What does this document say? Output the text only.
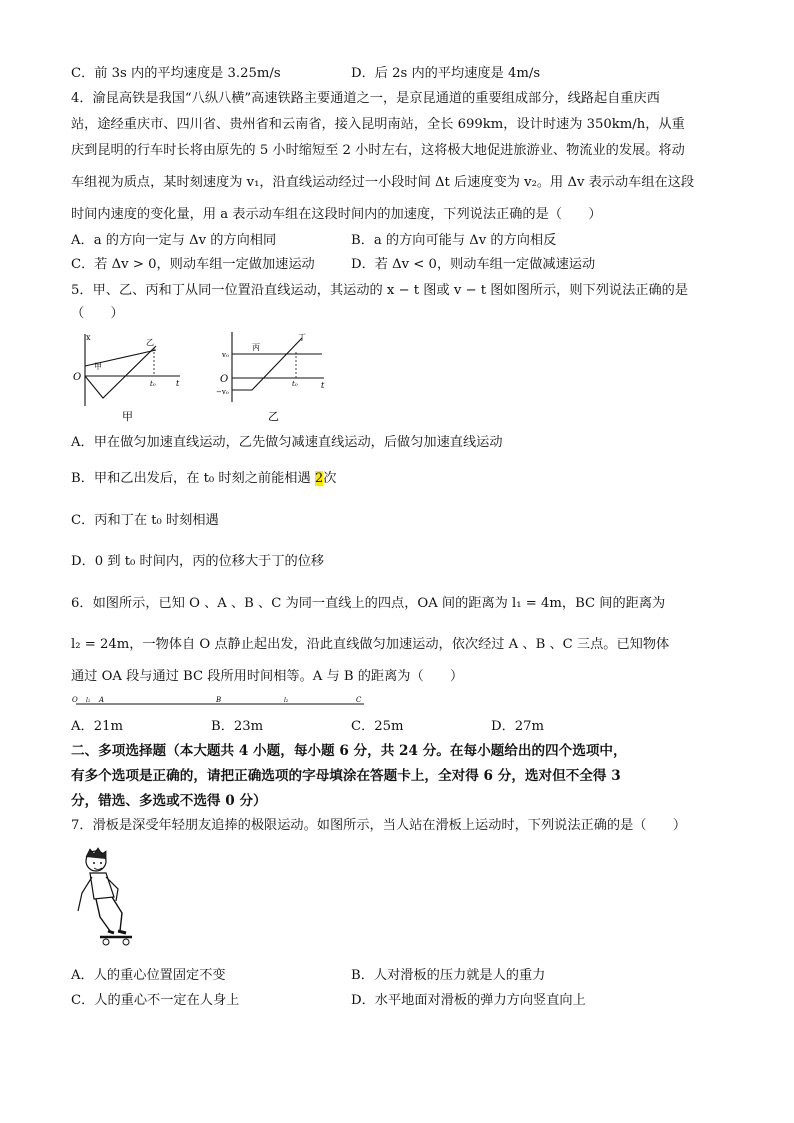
C．前 3s 内的平均速度是 3.25m/s	D．后 2s 内的平均速度是 4m/s
4．渝昆高铁是我国“八纵八横”高速铁路主要通道之一，是京昆通道的重要组成部分，线路起自重庆西
站，途经重庆市、四川省、贵州省和云南省，接入昆明南站，全长 699km，设计时速为 350km/h，从重
庆到昆明的行车时长将由原先的 5 小时缩短至 2 小时左右，这将极大地促进旅游业、物流业的发展。将动
车组视为质点，某时刻速度为 v₁，沿直线运动经过一小段时间 Δt 后速度变为 v₂。用 Δv 表示动车组在这段
时间内速度的变化量，用 a 表示动车组在这段时间内的加速度，下列说法正确的是（　　）
A．a 的方向一定与 Δv 的方向相同	B．a 的方向可能与 Δv 的方向相反
C．若 Δv > 0，则动车组一定做加速运动	D．若 Δv < 0，则动车组一定做减速运动
5．甲、乙、丙和丁从同一位置沿直线运动，其运动的 x − t 图或 v − t 图如图所示，则下列说法正确的是
（　　）
x
O
t
甲
乙
t₀
甲
v₀
−v₀
O
t
丙
丁
t₀
乙
A．甲在做匀加速直线运动，乙先做匀减速直线运动，后做匀加速直线运动
B．甲和乙出发后，在 t₀ 时刻之前能相遇 2次
C．丙和丁在 t₀ 时刻相遇
D．0 到 t₀ 时间内，丙的位移大于丁的位移
6．如图所示，已知 O 、A 、B 、C 为同一直线上的四点，OA 间的距离为 l₁ = 4m，BC 间的距离为
l₂ = 24m，一物体自 O 点静止起出发，沿此直线做匀加速运动，依次经过 A 、B 、C 三点。已知物体
通过 OA 段与通过 BC 段所用时间相等。A 与 B 的距离为（　　）
O l₁ A	B	l₂	C
A．21m	B．23m	C．25m	D．27m
二、多项选择题（本大题共 4 小题，每小题 6 分，共 24 分。在每小题给出的四个选项中，
有多个选项是正确的，请把正确选项的字母填涂在答题卡上，全对得 6 分，选对但不全得 3
分，错选、多选或不选得 0 分）
7．滑板是深受年轻朋友追捧的极限运动。如图所示，当人站在滑板上运动时，下列说法正确的是（　　）
A．人的重心位置固定不变	B．人对滑板的压力就是人的重力
C．人的重心不一定在人身上	D．水平地面对滑板的弹力方向竖直向上
